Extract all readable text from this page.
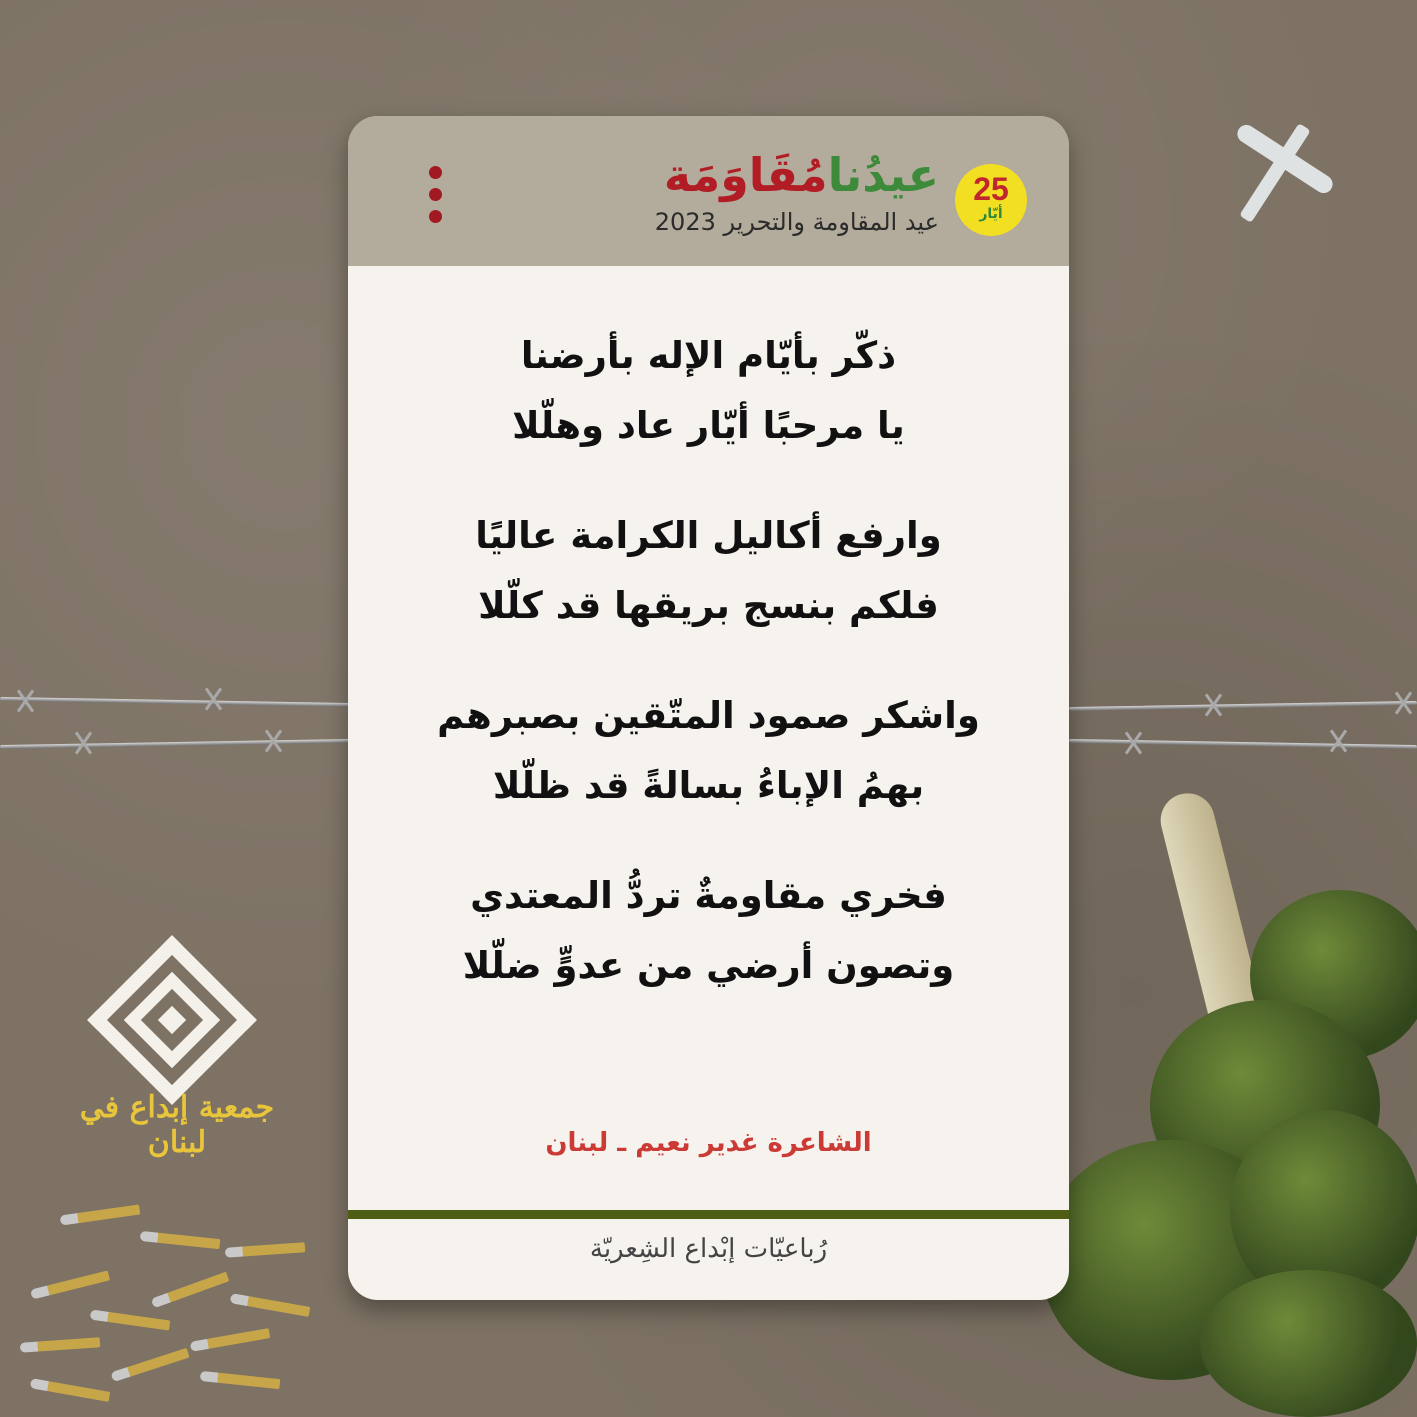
جمعية إبداع في لبنان
عيدُنامُقَاوَمَة
عيد المقاومة والتحرير 2023
25
أيّار
ذكّر بأيّام الإله بأرضنا
يا مرحبًا أيّار عاد وهلّلا
وارفع أكاليل الكرامة عاليًا
فلكم بنسج بريقها قد كلّلا
واشكر صمود المتّقين بصبرهم
بهمُ الإباءُ بسالةً قد ظلّلا
فخري مقاومةٌ تردُّ المعتدي
وتصون أرضي من عدوٍّ ضلّلا
الشاعرة غدير نعيم ـ لبنان
رُباعيّات إبْداع الشِعريّة
